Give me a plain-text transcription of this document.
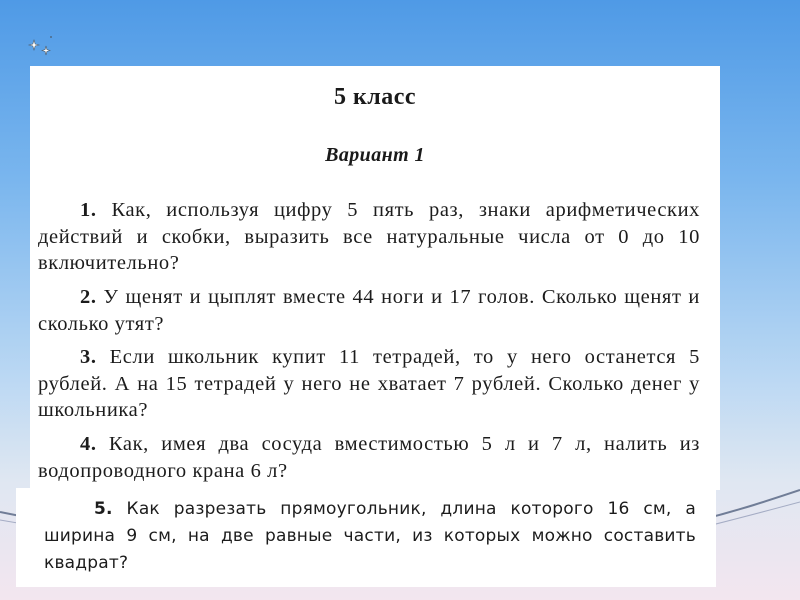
5 класс
Вариант 1
1. Как, используя цифру 5 пять раз, знаки арифметических действий и скобки, выразить все натуральные числа от 0 до 10 включительно?
2. У щенят и цыплят вместе 44 ноги и 17 голов. Сколько щенят и сколько утят?
3. Если школьник купит 11 тетрадей, то у него останется 5 рублей. А на 15 тетрадей у него не хватает 7 рублей. Сколько денег у школьника?
4. Как, имея два сосуда вместимостью 5 л и 7 л, налить из водопроводного крана 6 л?
5. Как разрезать прямоугольник, длина которого 16 см, а ширина 9 см, на две равные части, из которых можно составить квадрат?
